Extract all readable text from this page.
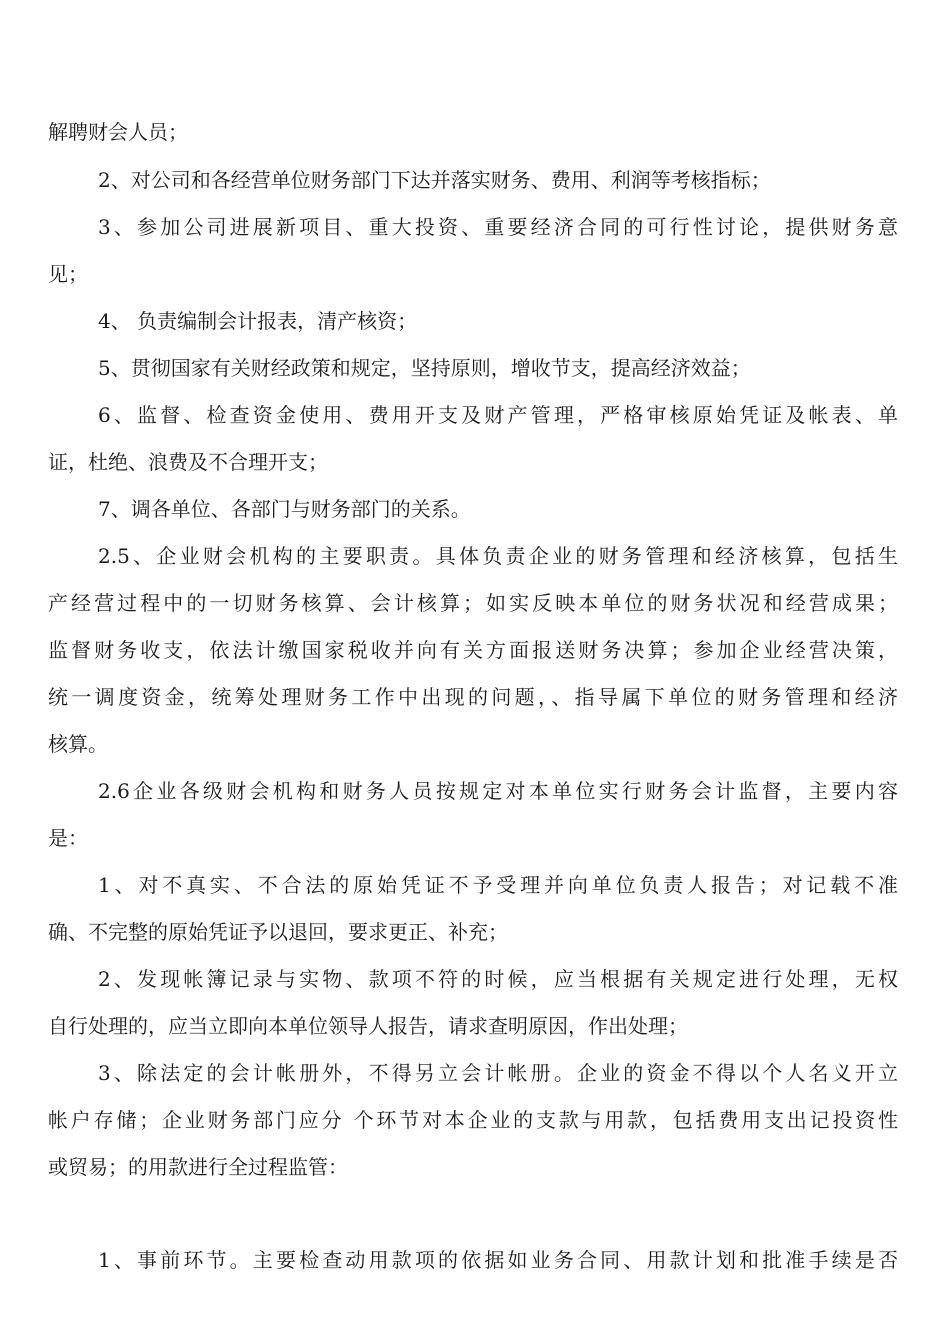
解聘财会人员；
2、对公司和各经营单位财务部门下达并落实财务、费用、利润等考核指标；
3、参加公司进展新项目、重大投资、重要经济合同的可行性讨论，提供财务意
见；
4、 负责编制会计报表，清产核资；
5、贯彻国家有关财经政策和规定，坚持原则，增收节支，提高经济效益；
6、监督、检查资金使用、费用开支及财产管理，严格审核原始凭证及帐表、单
证，杜绝、浪费及不合理开支；
7、调各单位、各部门与财务部门的关系。
2.5、企业财会机构的主要职责。具体负责企业的财务管理和经济核算，包括生
产经营过程中的一切财务核算、会计核算；如实反映本单位的财务状况和经营成果；
监督财务收支，依法计缴国家税收并向有关方面报送财务决算；参加企业经营决策，
统一调度资金，统筹处理财务工作中出现的问题，、指导属下单位的财务管理和经济
核算。
2.6企业各级财会机构和财务人员按规定对本单位实行财务会计监督，主要内容
是：
1、对不真实、不合法的原始凭证不予受理并向单位负责人报告；对记载不准
确、不完整的原始凭证予以退回，要求更正、补充；
2、发现帐簿记录与实物、款项不符的时候，应当根据有关规定进行处理，无权
自行处理的，应当立即向本单位领导人报告，请求查明原因，作出处理；
3、除法定的会计帐册外，不得另立会计帐册。企业的资金不得以个人名义开立
帐户存储；企业财务部门应分 个环节对本企业的支款与用款，包括费用支出记投资性
或贸易；的用款进行全过程监管：
1、事前环节。主要检查动用款项的依据如业务合同、用款计划和批准手续是否
